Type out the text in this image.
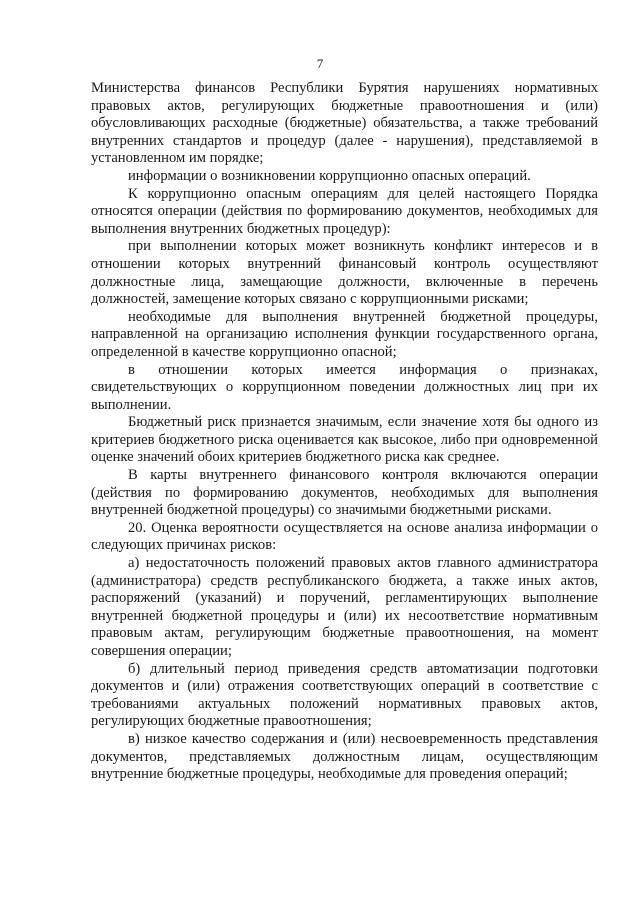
7

Министерства финансов Республики Бурятия нарушениях нормативных правовых актов, регулирующих бюджетные правоотношения и (или) обусловливающих расходные (бюджетные) обязательства, а также требований внутренних стандартов и процедур (далее - нарушения), представляемой в установленном им порядке;

информации о возникновении коррупционно опасных операций.

К коррупционно опасным операциям для целей настоящего Порядка относятся операции (действия по формированию документов, необходимых для выполнения внутренних бюджетных процедур):

при выполнении которых может возникнуть конфликт интересов и в отношении которых внутренний финансовый контроль осуществляют должностные лица, замещающие должности, включенные в перечень должностей, замещение которых связано с коррупционными рисками;

необходимые для выполнения внутренней бюджетной процедуры, направленной на организацию исполнения функции государственного органа, определенной в качестве коррупционно опасной;

в отношении которых имеется информация о признаках, свидетельствующих о коррупционном поведении должностных лиц при их выполнении.

Бюджетный риск признается значимым, если значение хотя бы одного из критериев бюджетного риска оценивается как высокое, либо при одновременной оценке значений обоих критериев бюджетного риска как среднее.

В карты внутреннего финансового контроля включаются операции (действия по формированию документов, необходимых для выполнения внутренней бюджетной процедуры) со значимыми бюджетными рисками.

20. Оценка вероятности осуществляется на основе анализа информации о следующих причинах рисков:

а) недостаточность положений правовых актов главного администратора (администратора) средств республиканского бюджета, а также иных актов, распоряжений (указаний) и поручений, регламентирующих выполнение внутренней бюджетной процедуры и (или) их несоответствие нормативным правовым актам, регулирующим бюджетные правоотношения, на момент совершения операции;

б) длительный период приведения средств автоматизации подготовки документов и (или) отражения соответствующих операций в соответствие с требованиями актуальных положений нормативных правовых актов, регулирующих бюджетные правоотношения;

в) низкое качество содержания и (или) несвоевременность представления документов, представляемых должностным лицам, осуществляющим внутренние бюджетные процедуры, необходимые для проведения операций;
